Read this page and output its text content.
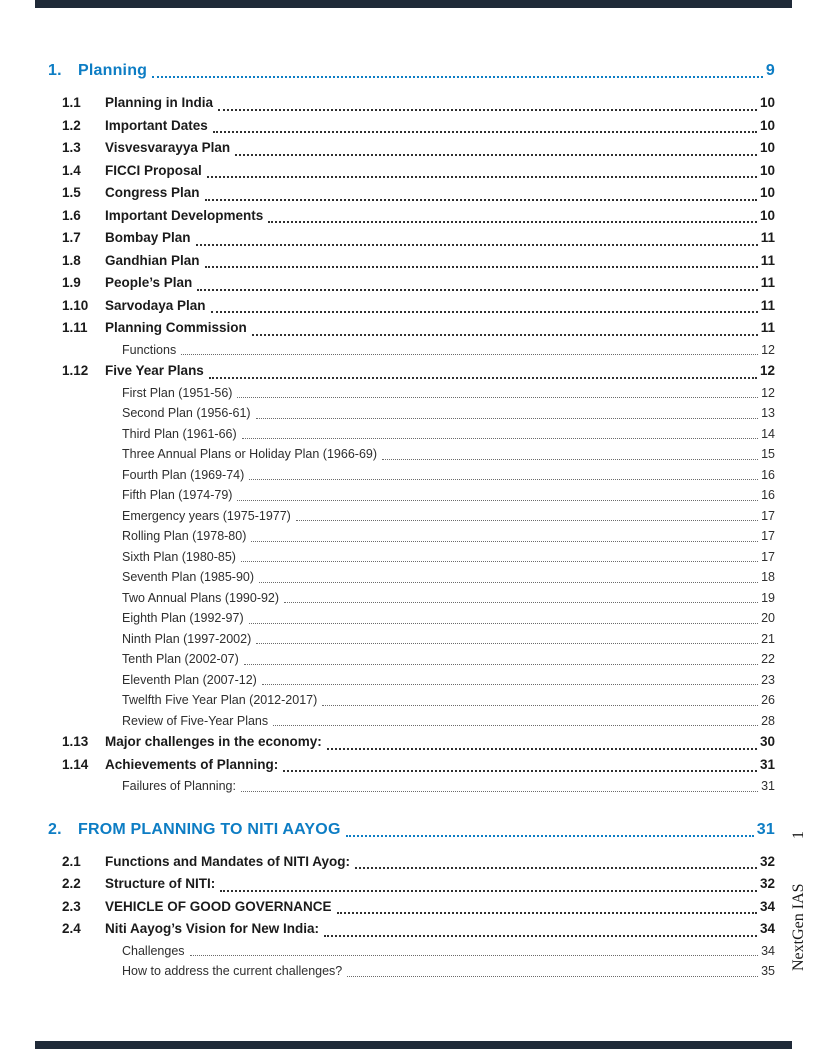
1.	Planning	9
1.1	Planning in India	10
1.2	Important Dates	10
1.3	Visvesvarayya Plan	10
1.4	FICCI Proposal	10
1.5	Congress Plan	10
1.6	Important Developments	10
1.7	Bombay Plan	11
1.8	Gandhian Plan	11
1.9	People’s Plan	11
1.10	Sarvodaya Plan	11
1.11	Planning Commission	11
Functions	12
1.12	Five Year Plans	12
First Plan (1951-56)	12
Second Plan (1956-61)	13
Third Plan (1961-66)	14
Three Annual Plans or Holiday Plan (1966-69)	15
Fourth Plan (1969-74)	16
Fifth Plan (1974-79)	16
Emergency years (1975-1977)	17
Rolling Plan (1978-80)	17
Sixth Plan (1980-85)	17
Seventh Plan (1985-90)	18
Two Annual Plans (1990-92)	19
Eighth Plan (1992-97)	20
Ninth Plan (1997-2002)	21
Tenth Plan (2002-07)	22
Eleventh Plan (2007-12)	23
Twelfth Five Year Plan (2012-2017)	26
Review of Five-Year Plans	28
1.13	Major challenges in the economy:	30
1.14	Achievements of Planning:	31
Failures of Planning:	31
2.	FROM PLANNING TO NITI AAYOG	31
2.1	Functions and Mandates of NITI Ayog:	32
2.2	Structure of NITI:	32
2.3	VEHICLE OF GOOD GOVERNANCE	34
2.4	Niti Aayog’s Vision for New India:	34
Challenges	34
How to address the current challenges?	35
1
NextGen IAS
